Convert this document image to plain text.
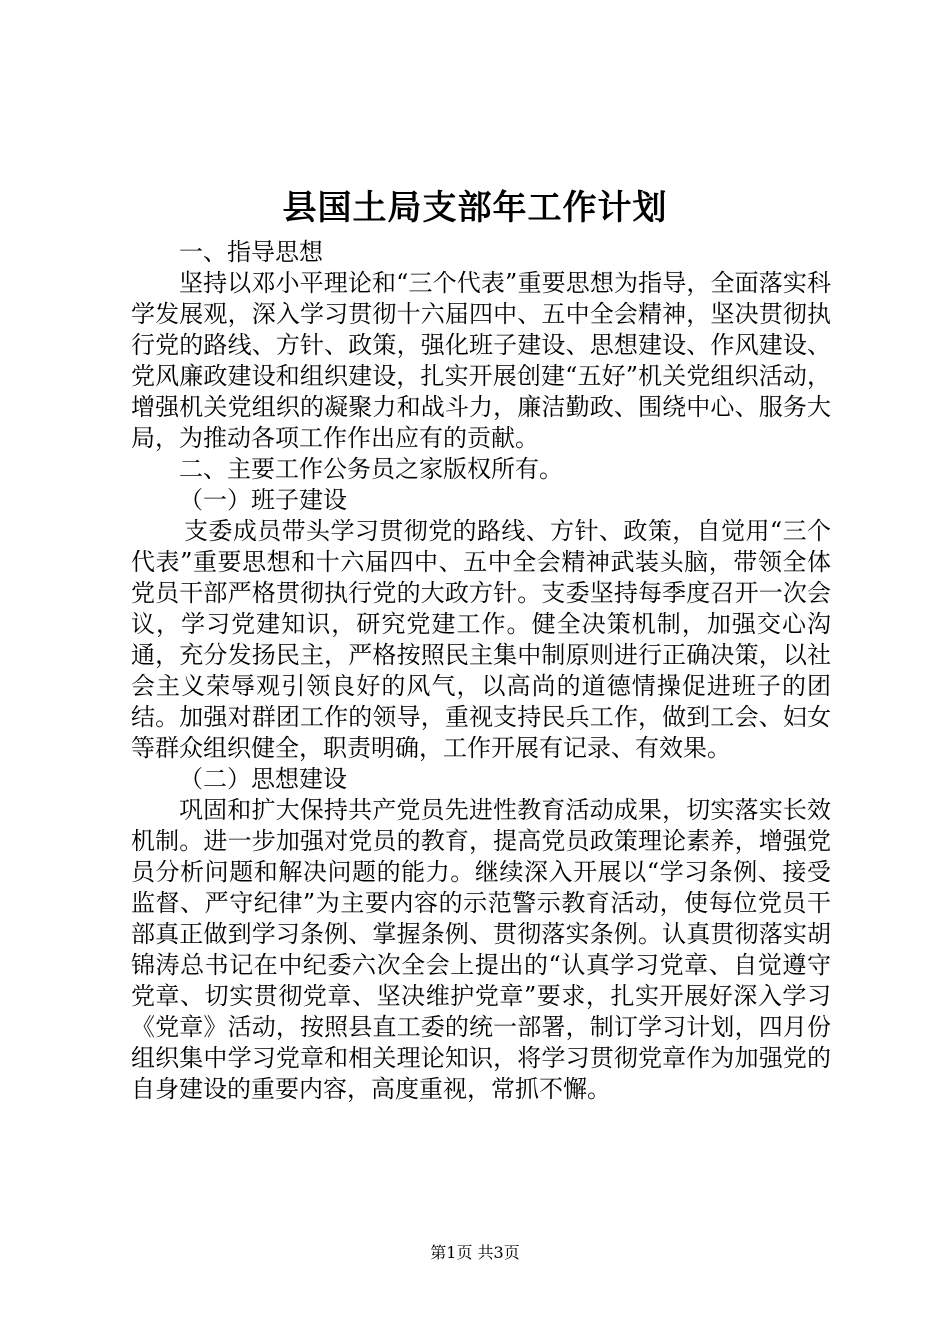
县国土局支部年工作计划

一、指导思想

坚持以邓小平理论和“三个代表”重要思想为指导，全面落实科学发展观，深入学习贯彻十六届四中、五中全会精神，坚决贯彻执行党的路线、方针、政策，强化班子建设、思想建设、作风建设、党风廉政建设和组织建设，扎实开展创建“五好”机关党组织活动，增强机关党组织的凝聚力和战斗力，廉洁勤政、围绕中心、服务大局，为推动各项工作作出应有的贡献。

二、主要工作公务员之家版权所有。

（一）班子建设

支委成员带头学习贯彻党的路线、方针、政策，自觉用“三个代表”重要思想和十六届四中、五中全会精神武装头脑，带领全体党员干部严格贯彻执行党的大政方针。支委坚持每季度召开一次会议，学习党建知识，研究党建工作。健全决策机制，加强交心沟通，充分发扬民主，严格按照民主集中制原则进行正确决策，以社会主义荣辱观引领良好的风气，以高尚的道德情操促进班子的团结。加强对群团工作的领导，重视支持民兵工作，做到工会、妇女等群众组织健全，职责明确，工作开展有记录、有效果。

（二）思想建设

巩固和扩大保持共产党员先进性教育活动成果，切实落实长效机制。进一步加强对党员的教育，提高党员政策理论素养，增强党员分析问题和解决问题的能力。继续深入开展以“学习条例、接受监督、严守纪律”为主要内容的示范警示教育活动，使每位党员干部真正做到学习条例、掌握条例、贯彻落实条例。认真贯彻落实胡锦涛总书记在中纪委六次全会上提出的“认真学习党章、自觉遵守党章、切实贯彻党章、坚决维护党章”要求，扎实开展好深入学习《党章》活动，按照县直工委的统一部署，制订学习计划，四月份组织集中学习党章和相关理论知识，将学习贯彻党章作为加强党的自身建设的重要内容，高度重视，常抓不懈。

第1页 共3页
